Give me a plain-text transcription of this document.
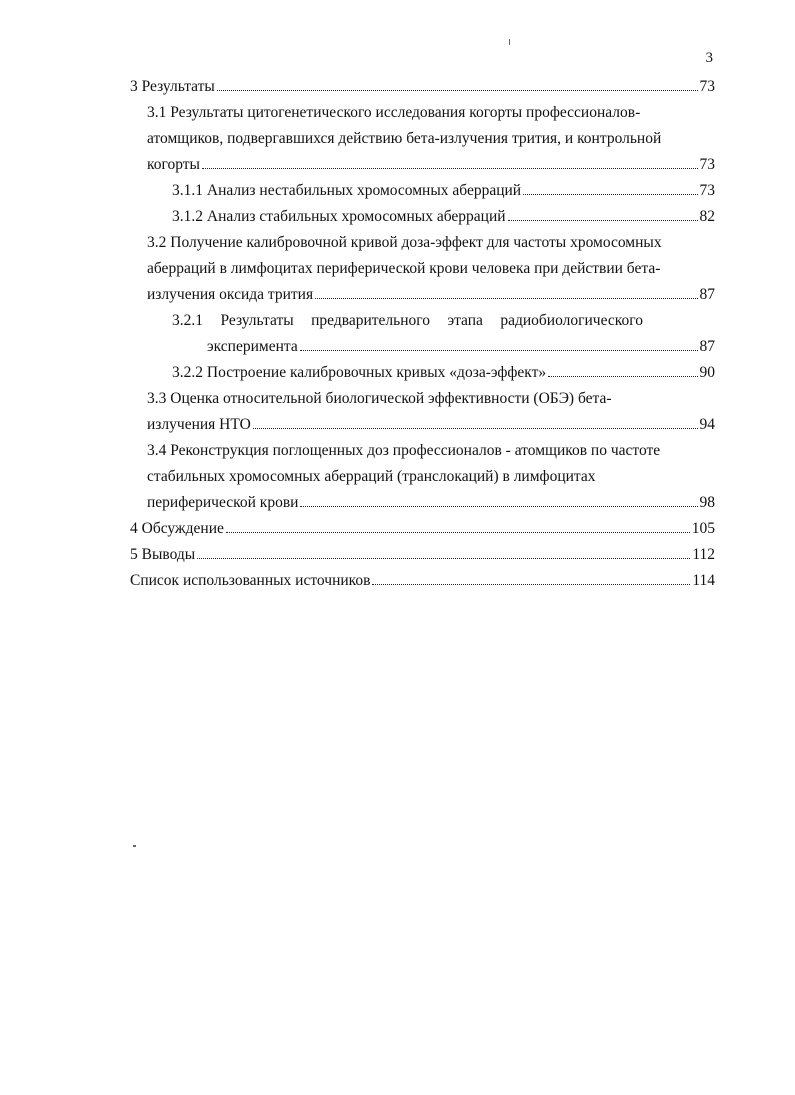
3
3 Результаты	73
3.1 Результаты цитогенетического исследования когорты профессионалов-
атомщиков, подвергавшихся действию бета-излучения трития, и контрольной
когорты	73
3.1.1 Анализ нестабильных хромосомных аберраций	73
3.1.2 Анализ стабильных хромосомных аберраций	82
3.2 Получение калибровочной кривой доза-эффект для частоты хромосомных
аберраций в лимфоцитах периферической крови человека при действии бета-
излучения оксида трития	87
3.2.1 Результаты предварительного этапа радиобиологического
эксперимента	87
3.2.2 Построение калибровочных кривых «доза-эффект»	90
3.3 Оценка относительной биологической эффективности (ОБЭ) бета-
излучения НТО	94
3.4 Реконструкция поглощенных доз профессионалов - атомщиков по частоте
стабильных хромосомных аберраций (транслокаций) в лимфоцитах
периферической крови	98
4 Обсуждение	105
5 Выводы	112
Список использованных источников	114
